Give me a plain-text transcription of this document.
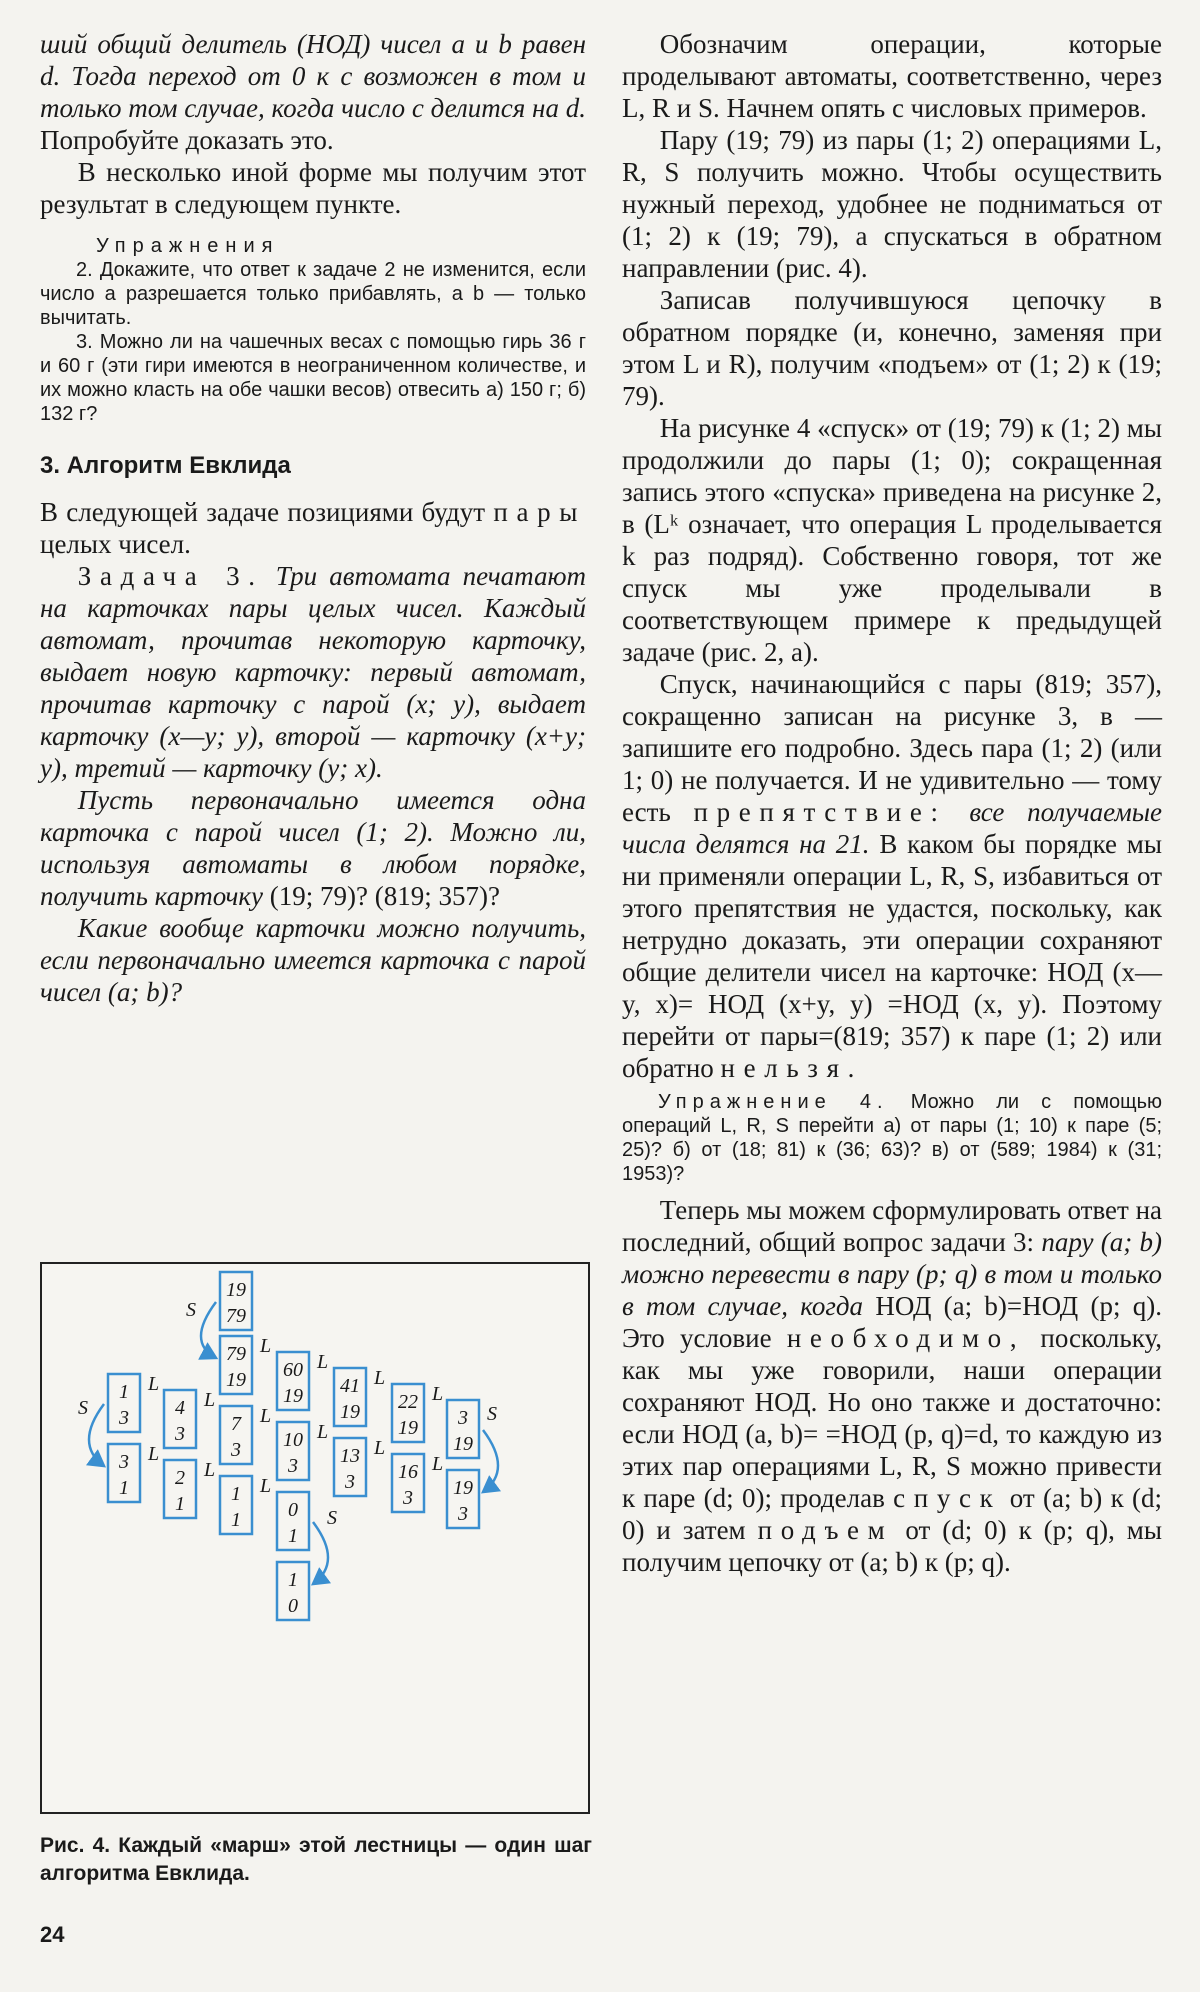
ший общий делитель (НОД) чисел a и b равен d. Тогда переход от 0 к c возможен в том и только том случае, когда число c делится на d. Попробуйте доказать это.

В несколько иной форме мы получим этот результат в следующем пункте.

Упражнения

2. Докажите, что ответ к задаче 2 не изменится, если число a разрешается только прибавлять, а b — только вычитать.

3. Можно ли на чашечных весах с помощью гирь 36 г и 60 г (эти гири имеются в неограниченном количестве, и их можно класть на обе чашки весов) отвесить а) 150 г; б) 132 г?

3. Алгоритм Евклида

В следующей задаче позициями будут пары целых чисел.

Задача 3. Три автомата печатают на карточках пары целых чисел. Каждый автомат, прочитав некоторую карточку, выдает новую карточку: первый автомат, прочитав карточку с парой (x; y), выдает карточку (x—y; y), второй — карточку (x+y; y), третий — карточку (y; x).

Пусть первоначально имеется одна карточка с парой чисел (1; 2). Можно ли, используя автоматы в любом порядке, получить карточку (19; 79)? (819; 357)?

Какие вообще карточки можно получить, если первоначально имеется карточка с парой чисел (a; b)?

19
79
79
19 60
19 41
19 22
19 3
19
19
3
16
3
13
3
10
3
7
3
4
3
1
3
3
1 2
1 1
1 0
1
1
0
L
L
L
L
L
L
L
L
L
L
L
L
L
S
S
S
S
Рис. 4. Каждый «марш» этой лестницы — один шаг алгоритма Евклида.

Обозначим операции, которые проделывают автоматы, соответственно, через L, R и S. Начнем опять с числовых примеров.

Пару (19; 79) из пары (1; 2) операциями L, R, S получить можно. Чтобы осуществить нужный переход, удобнее не подниматься от (1; 2) к (19; 79), а спускаться в обратном направлении (рис. 4).

Записав получившуюся цепочку в обратном порядке (и, конечно, заменяя при этом L и R), получим «подъем» от (1; 2) к (19; 79).

На рисунке 4 «спуск» от (19; 79) к (1; 2) мы продолжили до пары (1; 0); сокращенная запись этого «спуска» приведена на рисунке 2, в (Lᵏ означает, что операция L проделывается k раз подряд). Собственно говоря, тот же спуск мы уже проделывали в соответствующем примере к предыдущей задаче (рис. 2, а).

Спуск, начинающийся с пары (819; 357), сокращенно записан на рисунке 3, в — запишите его подробно. Здесь пара (1; 2) (или 1; 0) не получается. И не удивительно — тому есть препятствие: все получаемые числа делятся на 21. В каком бы порядке мы ни применяли операции L, R, S, избавиться от этого препятствия не удастся, поскольку, как нетрудно доказать, эти операции сохраняют общие делители чисел на карточке: НОД (x—y, x)= НОД (x+y, y) =НОД (x, y). Поэтому перейти от пары=(819; 357) к паре (1; 2) или обратно нельзя.

Упражнение 4. Можно ли с помощью операций L, R, S перейти а) от пары (1; 10) к паре (5; 25)? б) от (18; 81) к (36; 63)? в) от (589; 1984) к (31; 1953)?

Теперь мы можем сформулировать ответ на последний, общий вопрос задачи 3: пару (a; b) можно перевести в пару (p; q) в том и только в том случае, когда НОД (a; b)=НОД (p; q). Это условие необходимо, поскольку, как мы уже говорили, наши операции сохраняют НОД. Но оно также и достаточно: если НОД (a, b)= =НОД (p, q)=d, то каждую из этих пар операциями L, R, S можно привести к паре (d; 0); проделав спуск от (a; b) к (d; 0) и затем подъем от (d; 0) к (p; q), мы получим цепочку от (a; b) к (p; q).

24
